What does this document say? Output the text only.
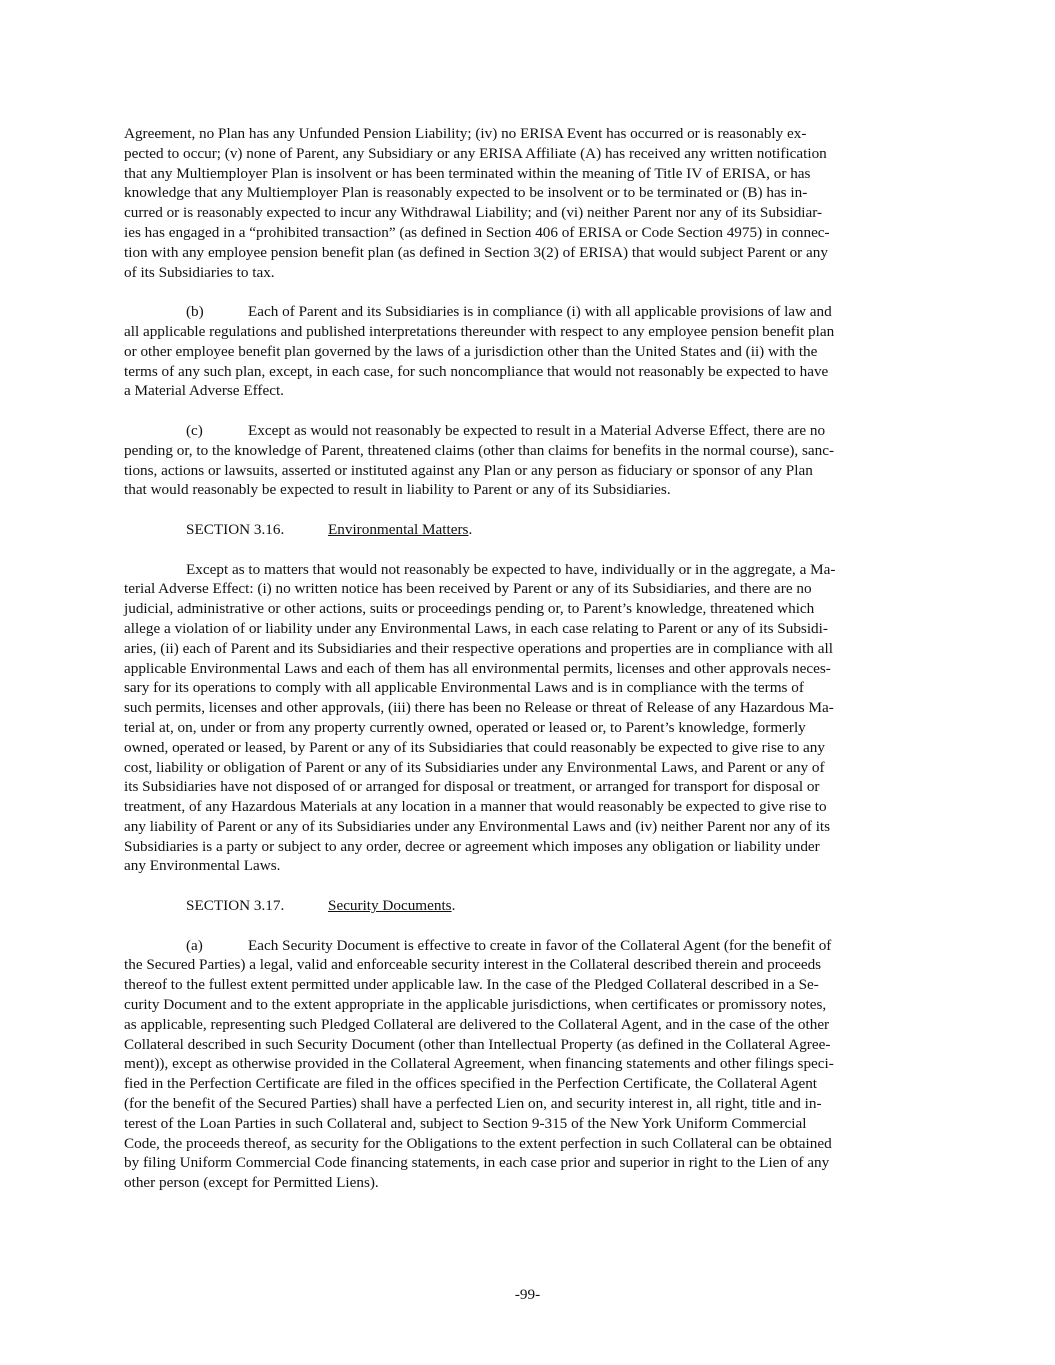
Agreement, no Plan has any Unfunded Pension Liability; (iv) no ERISA Event has occurred or is reasonably ex-
pected to occur; (v) none of Parent, any Subsidiary or any ERISA Affiliate (A) has received any written notification
that any Multiemployer Plan is insolvent or has been terminated within the meaning of Title IV of ERISA, or has
knowledge that any Multiemployer Plan is reasonably expected to be insolvent or to be terminated or (B) has in-
curred or is reasonably expected to incur any Withdrawal Liability; and (vi) neither Parent nor any of its Subsidiar-
ies has engaged in a “prohibited transaction” (as defined in Section 406 of ERISA or Code Section 4975) in connec-
tion with any employee pension benefit plan (as defined in Section 3(2) of ERISA) that would subject Parent or any
of its Subsidiaries to tax.
(b)	Each of Parent and its Subsidiaries is in compliance (i) with all applicable provisions of law and
all applicable regulations and published interpretations thereunder with respect to any employee pension benefit plan
or other employee benefit plan governed by the laws of a jurisdiction other than the United States and (ii) with the
terms of any such plan, except, in each case, for such noncompliance that would not reasonably be expected to have
a Material Adverse Effect.
(c)	Except as would not reasonably be expected to result in a Material Adverse Effect, there are no
pending or, to the knowledge of Parent, threatened claims (other than claims for benefits in the normal course), sanc-
tions, actions or lawsuits, asserted or instituted against any Plan or any person as fiduciary or sponsor of any Plan
that would reasonably be expected to result in liability to Parent or any of its Subsidiaries.
SECTION 3.16.	Environmental Matters.
Except as to matters that would not reasonably be expected to have, individually or in the aggregate, a Ma-
terial Adverse Effect: (i) no written notice has been received by Parent or any of its Subsidiaries, and there are no
judicial, administrative or other actions, suits or proceedings pending or, to Parent’s knowledge, threatened which
allege a violation of or liability under any Environmental Laws, in each case relating to Parent or any of its Subsidi-
aries, (ii) each of Parent and its Subsidiaries and their respective operations and properties are in compliance with all
applicable Environmental Laws and each of them has all environmental permits, licenses and other approvals neces-
sary for its operations to comply with all applicable Environmental Laws and is in compliance with the terms of
such permits, licenses and other approvals, (iii) there has been no Release or threat of Release of any Hazardous Ma-
terial at, on, under or from any property currently owned, operated or leased or, to Parent’s knowledge, formerly
owned, operated or leased, by Parent or any of its Subsidiaries that could reasonably be expected to give rise to any
cost, liability or obligation of Parent or any of its Subsidiaries under any Environmental Laws, and Parent or any of
its Subsidiaries have not disposed of or arranged for disposal or treatment, or arranged for transport for disposal or
treatment, of any Hazardous Materials at any location in a manner that would reasonably be expected to give rise to
any liability of Parent or any of its Subsidiaries under any Environmental Laws and (iv) neither Parent nor any of its
Subsidiaries is a party or subject to any order, decree or agreement which imposes any obligation or liability under
any Environmental Laws.
SECTION 3.17.	Security Documents.
(a)	Each Security Document is effective to create in favor of the Collateral Agent (for the benefit of
the Secured Parties) a legal, valid and enforceable security interest in the Collateral described therein and proceeds
thereof to the fullest extent permitted under applicable law. In the case of the Pledged Collateral described in a Se-
curity Document and to the extent appropriate in the applicable jurisdictions, when certificates or promissory notes,
as applicable, representing such Pledged Collateral are delivered to the Collateral Agent, and in the case of the other
Collateral described in such Security Document (other than Intellectual Property (as defined in the Collateral Agree-
ment)), except as otherwise provided in the Collateral Agreement, when financing statements and other filings speci-
fied in the Perfection Certificate are filed in the offices specified in the Perfection Certificate, the Collateral Agent
(for the benefit of the Secured Parties) shall have a perfected Lien on, and security interest in, all right, title and in-
terest of the Loan Parties in such Collateral and, subject to Section 9-315 of the New York Uniform Commercial
Code, the proceeds thereof, as security for the Obligations to the extent perfection in such Collateral can be obtained
by filing Uniform Commercial Code financing statements, in each case prior and superior in right to the Lien of any
other person (except for Permitted Liens).
-99-
